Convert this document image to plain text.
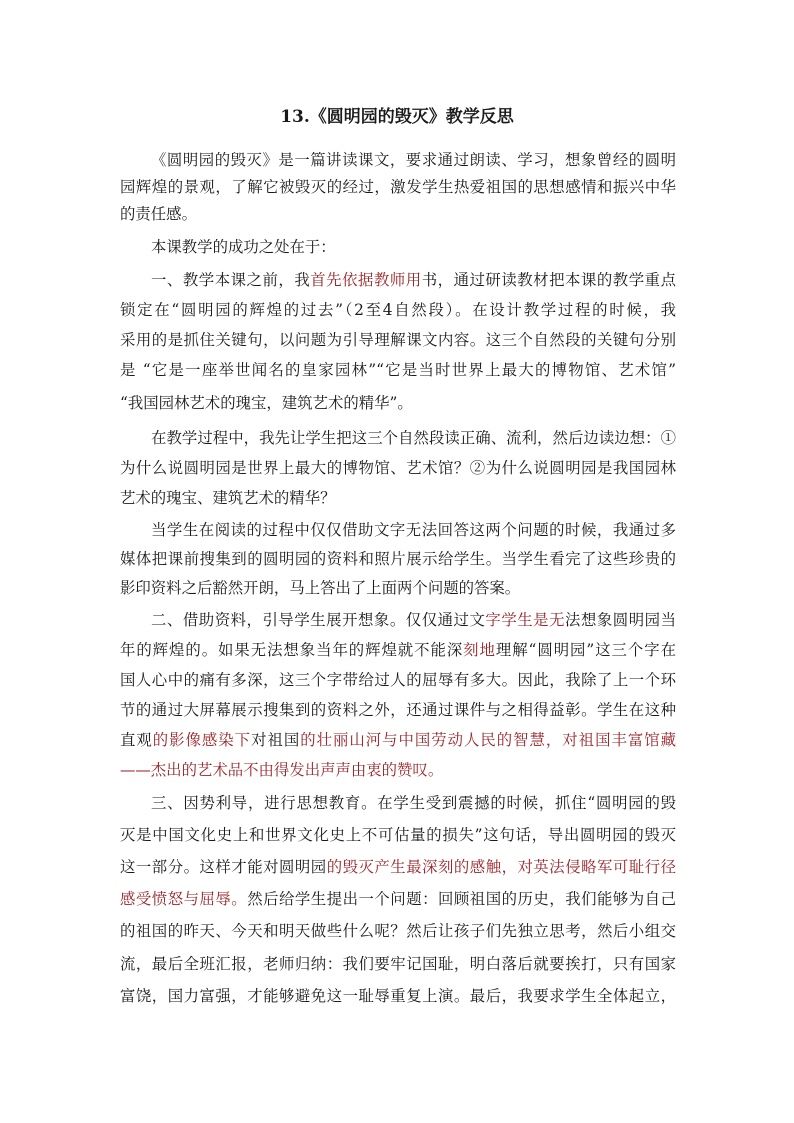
13.《圆明园的毁灭》教学反思
《圆明园的毁灭》是一篇讲读课文，要求通过朗读、学习，想象曾经的圆明
园辉煌的景观，了解它被毁灭的经过，激发学生热爱祖国的思想感情和振兴中华
的责任感。
本课教学的成功之处在于：
一、教学本课之前，我首先依据教师用书，通过研读教材把本课的教学重点
锁定在“圆明园的辉煌的过去”（2至4自然段）。在设计教学过程的时候，我
采用的是抓住关键句，以问题为引导理解课文内容。这三个自然段的关键句分别
是 “它是一座举世闻名的皇家园林”“它是当时世界上最大的博物馆、艺术馆”
“我国园林艺术的瑰宝，建筑艺术的精华”。
在教学过程中，我先让学生把这三个自然段读正确、流利，然后边读边想：①
为什么说圆明园是世界上最大的博物馆、艺术馆？②为什么说圆明园是我国园林
艺术的瑰宝、建筑艺术的精华？
当学生在阅读的过程中仅仅借助文字无法回答这两个问题的时候，我通过多
媒体把课前搜集到的圆明园的资料和照片展示给学生。当学生看完了这些珍贵的
影印资料之后豁然开朗，马上答出了上面两个问题的答案。
二、借助资料，引导学生展开想象。仅仅通过文字学生是无法想象圆明园当
年的辉煌的。如果无法想象当年的辉煌就不能深刻地理解“圆明园”这三个字在
国人心中的痛有多深，这三个字带给过人的屈辱有多大。因此，我除了上一个环
节的通过大屏幕展示搜集到的资料之外，还通过课件与之相得益彰。学生在这种
直观的影像感染下对祖国的壮丽山河与中国劳动人民的智慧，对祖国丰富馆藏
——杰出的艺术品不由得发出声声由衷的赞叹。
三、因势利导，进行思想教育。在学生受到震撼的时候，抓住“圆明园的毁
灭是中国文化史上和世界文化史上不可估量的损失”这句话，导出圆明园的毁灭
这一部分。这样才能对圆明园的毁灭产生最深刻的感触，对英法侵略军可耻行径
感受愤怒与屈辱。然后给学生提出一个问题：回顾祖国的历史，我们能够为自己
的祖国的昨天、今天和明天做些什么呢？然后让孩子们先独立思考，然后小组交
流，最后全班汇报，老师归纳：我们要牢记国耻，明白落后就要挨打，只有国家
富饶，国力富强，才能够避免这一耻辱重复上演。最后，我要求学生全体起立，
